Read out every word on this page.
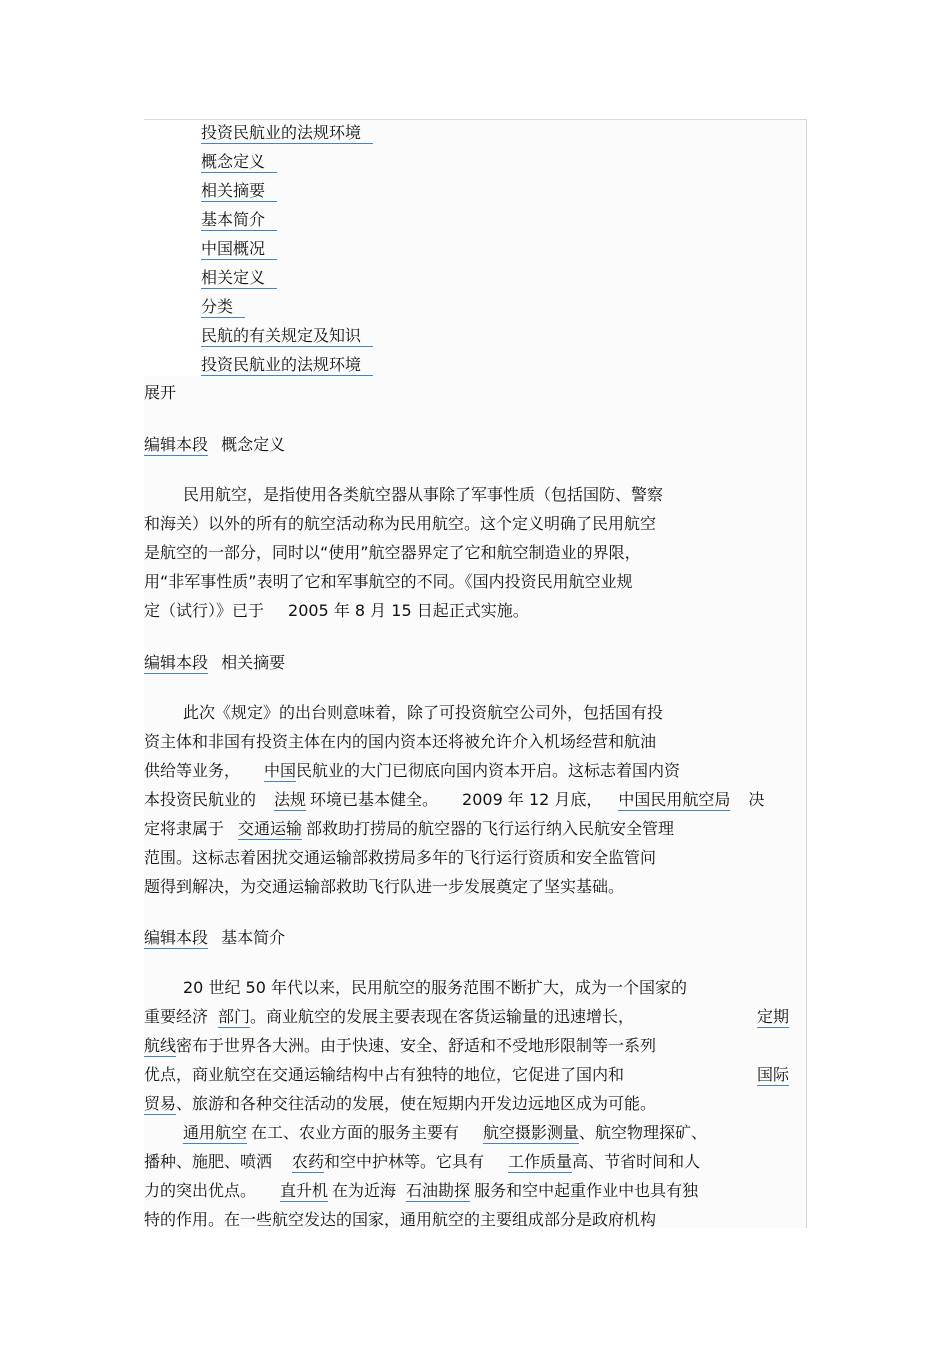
投资民航业的法规环境
概念定义
相关摘要
基本简介
中国概况
相关定义
分类
民航的有关规定及知识
投资民航业的法规环境
展开
编辑本段 概念定义
民用航空，是指使用各类航空器从事除了军事性质（包括国防、警察
和海关）以外的所有的航空活动称为民用航空。这个定义明确了民用航空
是航空的一部分，同时以“使用”航空器界定了它和航空制造业的界限，
用“非军事性质”表明了它和军事航空的不同。《国内投资民用航空业规
定（试行）》已于 2005 年 8 月 15 日起正式实施。
编辑本段 相关摘要
此次《规定》的出台则意味着，除了可投资航空公司外，包括国有投
资主体和非国有投资主体在内的国内资本还将被允许介入机场经营和航油
供给等业务， 中国民航业的大门已彻底向国内资本开启。这标志着国内资
本投资民航业的 法规 环境已基本健全。 2009 年 12 月底， 中国民用航空局 决
定将隶属于 交通运输 部救助打捞局的航空器的飞行运行纳入民航安全管理
范围。这标志着困扰交通运输部救捞局多年的飞行运行资质和安全监管问
题得到解决，为交通运输部救助飞行队进一步发展奠定了坚实基础。
编辑本段 基本简介
20 世纪 50 年代以来，民用航空的服务范围不断扩大，成为一个国家的
重要经济 部门。商业航空的发展主要表现在客货运输量的迅速增长，	定期
航线密布于世界各大洲。由于快速、安全、舒适和不受地形限制等一系列
优点，商业航空在交通运输结构中占有独特的地位，它促进了国内和	国际
贸易、旅游和各种交往活动的发展，使在短期内开发边远地区成为可能。
通用航空 在工、农业方面的服务主要有 航空摄影测量、航空物理探矿、
播种、施肥、喷洒 农药和空中护林等。它具有 工作质量高、节省时间和人
力的突出优点。 直升机 在为近海 石油勘探 服务和空中起重作业中也具有独
特的作用。在一些航空发达的国家，通用航空的主要组成部分是政府机构
